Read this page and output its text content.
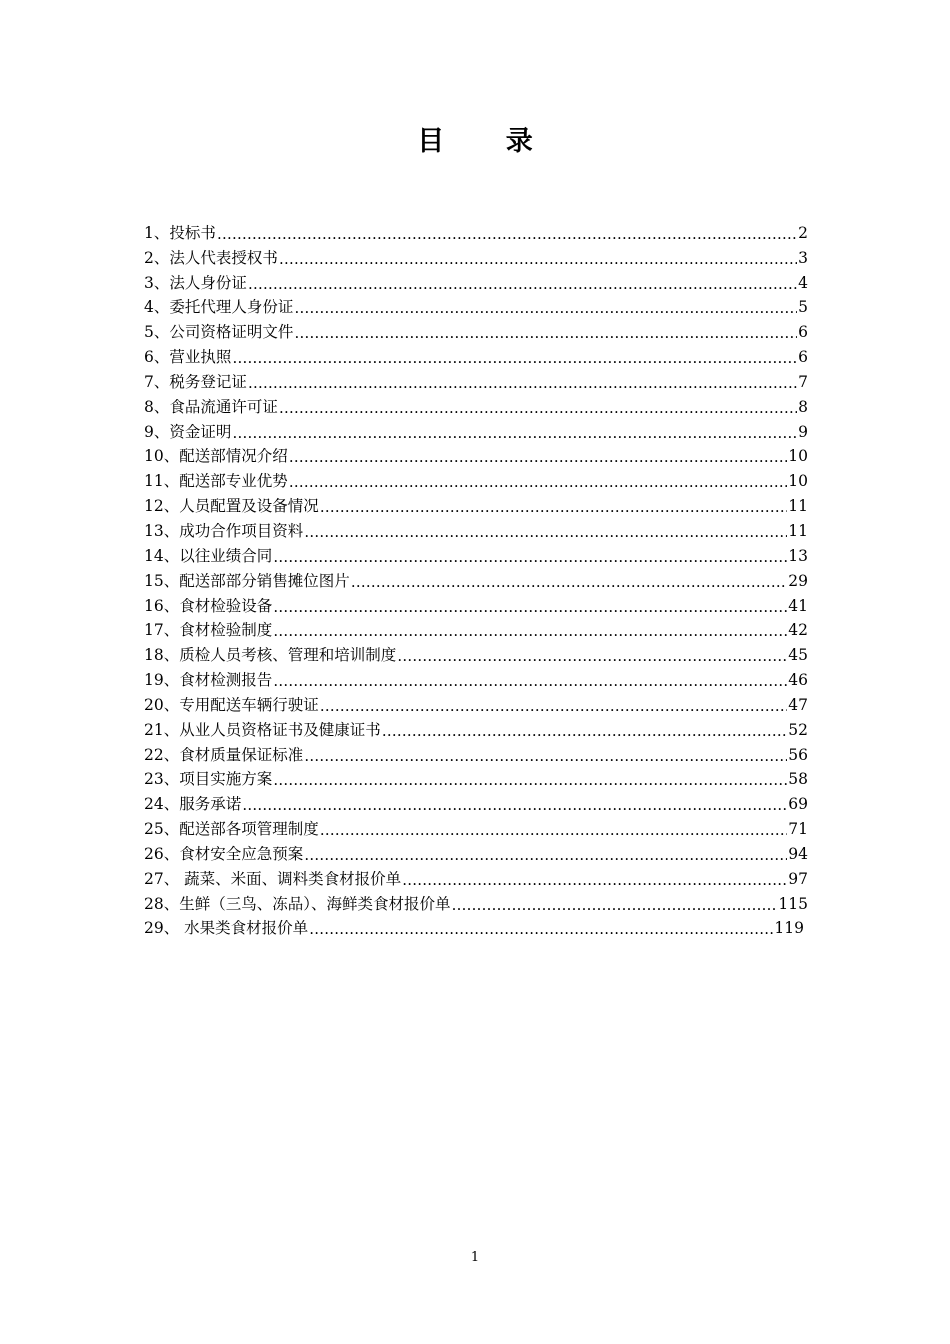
目 录
1、投标书 ………………………………………………………………………………………………………………………………………………………………………………………………………………………………	2
2、法人代表授权书 ………………………………………………………………………………………………………………………………………………………………………………………………………………………………	3
3、法人身份证 ………………………………………………………………………………………………………………………………………………………………………………………………………………………………	4
4、委托代理人身份证 ………………………………………………………………………………………………………………………………………………………………………………………………………………………………	5
5、公司资格证明文件 ………………………………………………………………………………………………………………………………………………………………………………………………………………………………	6
6、营业执照 ………………………………………………………………………………………………………………………………………………………………………………………………………………………………	6
7、税务登记证 ………………………………………………………………………………………………………………………………………………………………………………………………………………………………	7
8、食品流通许可证 ………………………………………………………………………………………………………………………………………………………………………………………………………………………………	8
9、资金证明 ………………………………………………………………………………………………………………………………………………………………………………………………………………………………	9
10、配送部情况介绍 ………………………………………………………………………………………………………………………………………………………………………………………………………………………………	10
11、配送部专业优势 ………………………………………………………………………………………………………………………………………………………………………………………………………………………………	10
12、人员配置及设备情况 ………………………………………………………………………………………………………………………………………………………………………………………………………………………………	11
13、成功合作项目资料 ………………………………………………………………………………………………………………………………………………………………………………………………………………………………	11
14、以往业绩合同 ………………………………………………………………………………………………………………………………………………………………………………………………………………………………	13
15、配送部部分销售摊位图片 ………………………………………………………………………………………………………………………………………………………………………………………………………………………………	29
16、食材检验设备 ………………………………………………………………………………………………………………………………………………………………………………………………………………………………	41
17、食材检验制度 ………………………………………………………………………………………………………………………………………………………………………………………………………………………………	42
18、质检人员考核、管理和培训制度 ………………………………………………………………………………………………………………………………………………………………………………………………………………………………	45
19、食材检测报告 ………………………………………………………………………………………………………………………………………………………………………………………………………………………………	46
20、专用配送车辆行驶证 ………………………………………………………………………………………………………………………………………………………………………………………………………………………………	47
21、从业人员资格证书及健康证书 ………………………………………………………………………………………………………………………………………………………………………………………………………………………………	52
22、食材质量保证标准 ………………………………………………………………………………………………………………………………………………………………………………………………………………………………	56
23、项目实施方案 ………………………………………………………………………………………………………………………………………………………………………………………………………………………………	58
24、服务承诺 ………………………………………………………………………………………………………………………………………………………………………………………………………………………………	69
25、配送部各项管理制度 ………………………………………………………………………………………………………………………………………………………………………………………………………………………………	71
26、食材安全应急预案 ………………………………………………………………………………………………………………………………………………………………………………………………………………………………	94
27、 蔬菜、米面、调料类食材报价单 ………………………………………………………………………………………………………………………………………………………………………………………………………………………………	97
28、生鲜（三鸟、冻品）、海鲜类食材报价单 ………………………………………………………………………………………………………………………………………………………………………………………………………………………………	115
29、 水果类食材报价单 ………………………………………………………………………………………………………………………………………………………………………………………………………………………………	119
1
